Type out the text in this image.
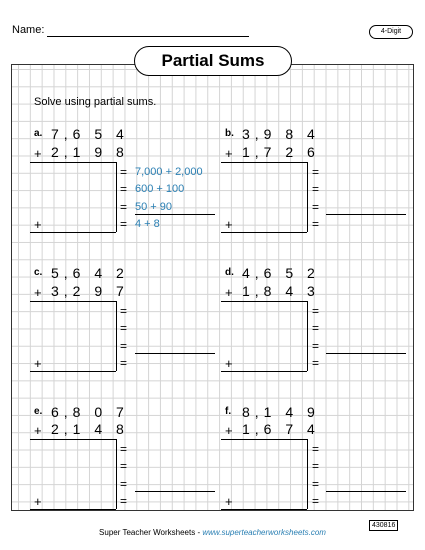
Name:	4-Digit
Partial Sums
Solve using partial sums.
a. 7,6 5 4
+ 2,1 9 8
=
=
=
=
7,000 + 2,000
600 + 100
50 + 90
4 + 8
+
b. 3,9 8 4
+ 1,7 2 6
=
=
=
=
+
c. 5,6 4 2
+ 3,2 9 7
=
=
=
=
+
d. 4,6 5 2
+ 1,8 4 3
=
=
=
=
+
e. 6,8 0 7
+ 2,1 4 8
=
=
=
=
+
f. 8,1 4 9
+ 1,6 7 4
=
=
=
=
+
Super Teacher Worksheets - www.superteacherworksheets.com
430816
